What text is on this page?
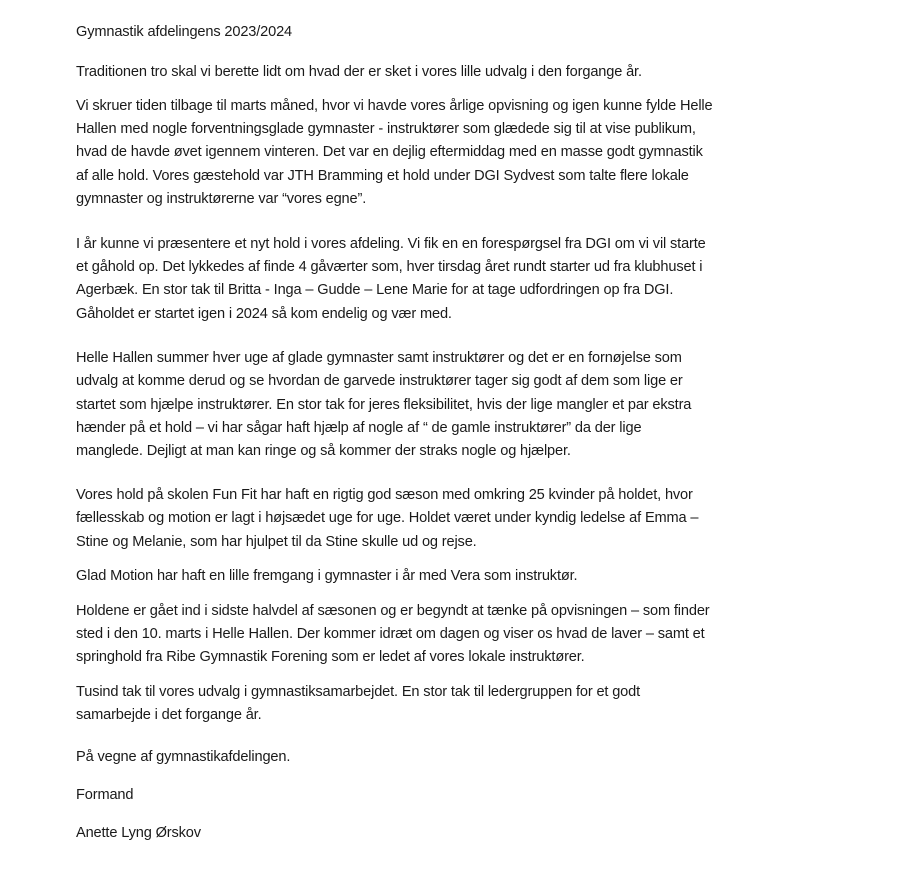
Gymnastik afdelingens 2023/2024
Traditionen tro skal vi berette lidt om hvad der er sket i vores lille udvalg i den forgange år.
Vi skruer tiden tilbage til marts måned, hvor vi havde vores årlige opvisning og igen kunne fylde Helle
Hallen med nogle forventningsglade gymnaster - instruktører som glædede sig til at vise publikum,
hvad de havde øvet igennem vinteren. Det var en dejlig eftermiddag med en masse godt gymnastik
af alle hold. Vores gæstehold var JTH Bramming et hold under DGI Sydvest som talte flere lokale
gymnaster og instruktørerne var “vores egne”.
I år kunne vi præsentere et nyt hold i vores afdeling. Vi fik en en forespørgsel fra DGI om vi vil starte
et gåhold op. Det lykkedes af finde 4 gåværter som, hver tirsdag året rundt starter ud fra klubhuset i
Agerbæk. En stor tak til Britta - Inga – Gudde – Lene Marie for at tage udfordringen op fra DGI.
Gåholdet er startet igen i 2024 så kom endelig og vær med.
Helle Hallen summer hver uge af glade gymnaster samt instruktører og det er en fornøjelse som
udvalg at komme derud og se hvordan de garvede instruktører tager sig godt af dem som lige er
startet som hjælpe instruktører. En stor tak for jeres fleksibilitet, hvis der lige mangler et par ekstra
hænder på et hold – vi har sågar haft hjælp af nogle af “ de gamle instruktører” da der lige
manglede. Dejligt at man kan ringe og så kommer der straks nogle og hjælper.
Vores hold på skolen Fun Fit har haft en rigtig god sæson med omkring 25 kvinder på holdet, hvor
fællesskab og motion er lagt i højsædet uge for uge. Holdet været under kyndig ledelse af Emma –
Stine og Melanie, som har hjulpet til da Stine skulle ud og rejse.
Glad Motion har haft en lille fremgang i gymnaster i år med Vera som instruktør.
Holdene er gået ind i sidste halvdel af sæsonen og er begyndt at tænke på opvisningen – som finder
sted i den 10. marts i Helle Hallen. Der kommer idræt om dagen og viser os hvad de laver – samt et
springhold fra Ribe Gymnastik Forening som er ledet af vores lokale instruktører.
Tusind tak til vores udvalg i gymnastiksamarbejdet. En stor tak til ledergruppen for et godt
samarbejde i det forgange år.
På vegne af gymnastikafdelingen.
Formand
Anette Lyng Ørskov
